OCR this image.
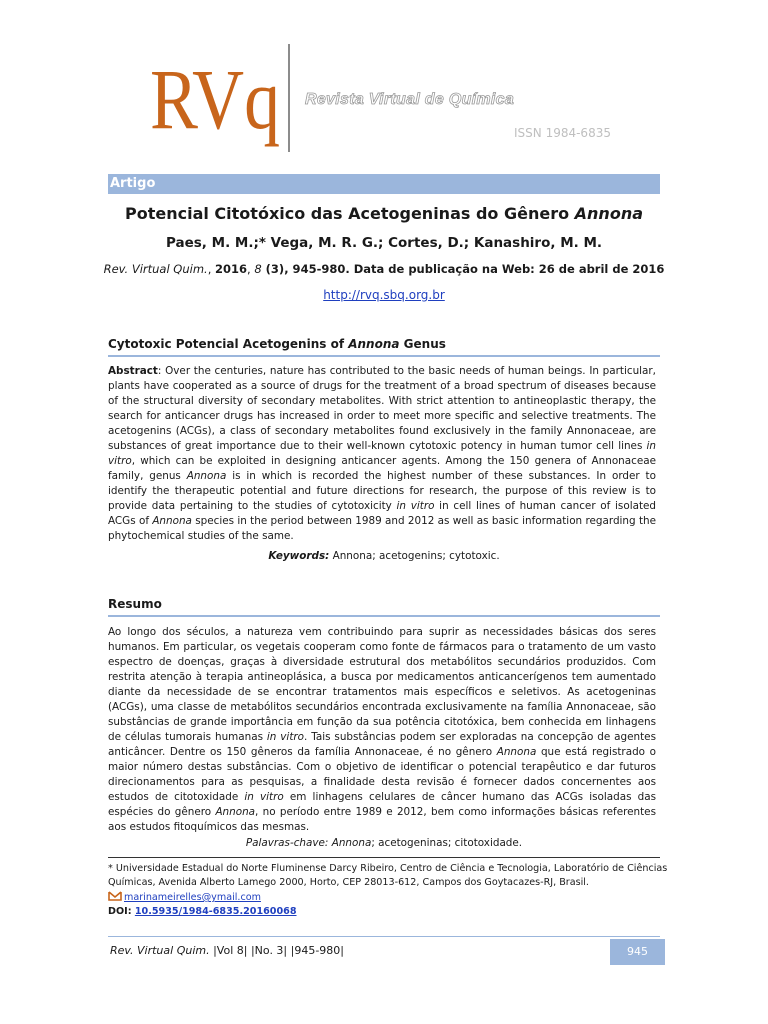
RVq Revista Virtual de Química
ISSN 1984-6835
Artigo
Potencial Citotóxico das Acetogeninas do Gênero Annona
Paes, M. M.;* Vega, M. R. G.; Cortes, D.; Kanashiro, M. M.
Rev. Virtual Quim., 2016, 8 (3), 945-980. Data de publicação na Web: 26 de abril de 2016
http://rvq.sbq.org.br
Cytotoxic Potencial Acetogenins of Annona Genus
Abstract: Over the centuries, nature has contributed to the basic needs of human beings. In particular, plants have cooperated as a source of drugs for the treatment of a broad spectrum of diseases because of the structural diversity of secondary metabolites. With strict attention to antineoplastic therapy, the search for anticancer drugs has increased in order to meet more specific and selective treatments. The acetogenins (ACGs), a class of secondary metabolites found exclusively in the family Annonaceae, are substances of great importance due to their well-known cytotoxic potency in human tumor cell lines in vitro, which can be exploited in designing anticancer agents. Among the 150 genera of Annonaceae family, genus Annona is in which is recorded the highest number of these substances. In order to identify the therapeutic potential and future directions for research, the purpose of this review is to provide data pertaining to the studies of cytotoxicity in vitro in cell lines of human cancer of isolated ACGs of Annona species in the period between 1989 and 2012 as well as basic information regarding the phytochemical studies of the same.
Keywords: Annona; acetogenins; cytotoxic.
Resumo
Ao longo dos séculos, a natureza vem contribuindo para suprir as necessidades básicas dos seres humanos. Em particular, os vegetais cooperam como fonte de fármacos para o tratamento de um vasto espectro de doenças, graças à diversidade estrutural dos metabólitos secundários produzidos. Com restrita atenção à terapia antineoplásica, a busca por medicamentos anticancerígenos tem aumentado diante da necessidade de se encontrar tratamentos mais específicos e seletivos. As acetogeninas (ACGs), uma classe de metabólitos secundários encontrada exclusivamente na família Annonaceae, são substâncias de grande importância em função da sua potência citotóxica, bem conhecida em linhagens de células tumorais humanas in vitro. Tais substâncias podem ser exploradas na concepção de agentes anticâncer. Dentre os 150 gêneros da família Annonaceae, é no gênero Annona que está registrado o maior número destas substâncias. Com o objetivo de identificar o potencial terapêutico e dar futuros direcionamentos para as pesquisas, a finalidade desta revisão é fornecer dados concernentes aos estudos de citotoxidade in vitro em linhagens celulares de câncer humano das ACGs isoladas das espécies do gênero Annona, no período entre 1989 e 2012, bem como informações básicas referentes aos estudos fitoquímicos das mesmas.
Palavras-chave: Annona; acetogeninas; citotoxidade.
* Universidade Estadual do Norte Fluminense Darcy Ribeiro, Centro de Ciência e Tecnologia, Laboratório de Ciências
Químicas, Avenida Alberto Lamego 2000, Horto, CEP 28013-612, Campos dos Goytacazes-RJ, Brasil.
marinameirelles@ymail.com
DOI: 10.5935/1984-6835.20160068
Rev. Virtual Quim. |Vol 8| |No. 3| |945-980|	945
